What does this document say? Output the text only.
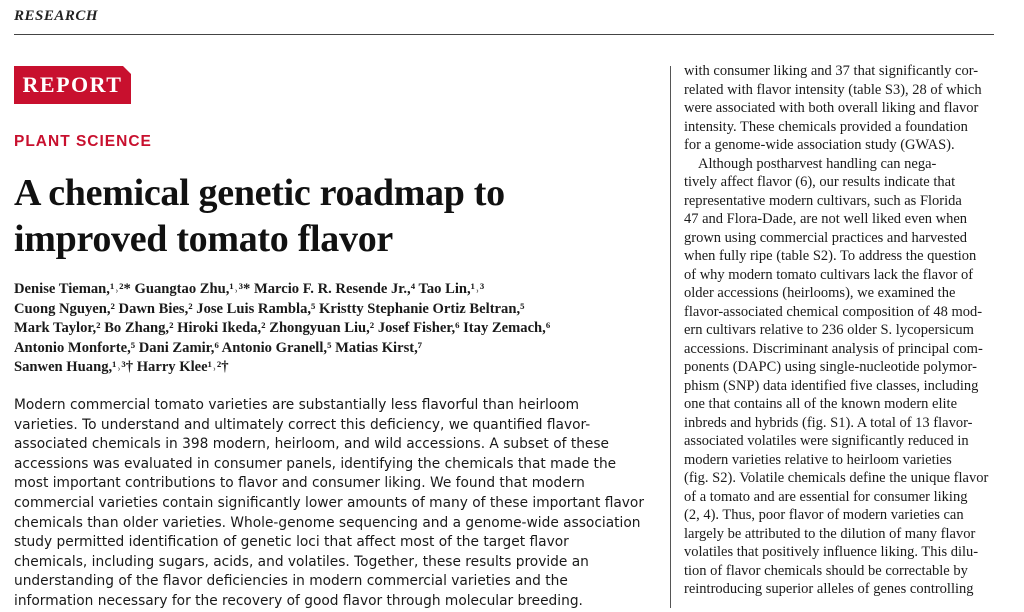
RESEARCH
REPORT
PLANT SCIENCE
A chemical genetic roadmap to
improved tomato flavor
Denise Tieman,¹˒²* Guangtao Zhu,¹˒³* Marcio F. R. Resende Jr.,⁴ Tao Lin,¹˒³
Cuong Nguyen,² Dawn Bies,² Jose Luis Rambla,⁵ Kristty Stephanie Ortiz Beltran,⁵
Mark Taylor,² Bo Zhang,² Hiroki Ikeda,² Zhongyuan Liu,² Josef Fisher,⁶ Itay Zemach,⁶
Antonio Monforte,⁵ Dani Zamir,⁶ Antonio Granell,⁵ Matias Kirst,⁷
Sanwen Huang,¹˒³† Harry Klee¹˒²†
Modern commercial tomato varieties are substantially less flavorful than heirloom
varieties. To understand and ultimately correct this deficiency, we quantified flavor-
associated chemicals in 398 modern, heirloom, and wild accessions. A subset of these
accessions was evaluated in consumer panels, identifying the chemicals that made the
most important contributions to flavor and consumer liking. We found that modern
commercial varieties contain significantly lower amounts of many of these important flavor
chemicals than older varieties. Whole-genome sequencing and a genome-wide association
study permitted identification of genetic loci that affect most of the target flavor
chemicals, including sugars, acids, and volatiles. Together, these results provide an
understanding of the flavor deficiencies in modern commercial varieties and the
information necessary for the recovery of good flavor through molecular breeding.
with consumer liking and 37 that significantly cor-
related with flavor intensity (table S3), 28 of which
were associated with both overall liking and flavor
intensity. These chemicals provided a foundation
for a genome-wide association study (GWAS).
Although postharvest handling can nega-
tively affect flavor (6), our results indicate that
representative modern cultivars, such as Florida
47 and Flora-Dade, are not well liked even when
grown using commercial practices and harvested
when fully ripe (table S2). To address the question
of why modern tomato cultivars lack the flavor of
older accessions (heirlooms), we examined the
flavor-associated chemical composition of 48 mod-
ern cultivars relative to 236 older S. lycopersicum
accessions. Discriminant analysis of principal com-
ponents (DAPC) using single-nucleotide polymor-
phism (SNP) data identified five classes, including
one that contains all of the known modern elite
inbreds and hybrids (fig. S1). A total of 13 flavor-
associated volatiles were significantly reduced in
modern varieties relative to heirloom varieties
(fig. S2). Volatile chemicals define the unique flavor
of a tomato and are essential for consumer liking
(2, 4). Thus, poor flavor of modern varieties can
largely be attributed to the dilution of many flavor
volatiles that positively influence liking. This dilu-
tion of flavor chemicals should be correctable by
reintroducing superior alleles of genes controlling
